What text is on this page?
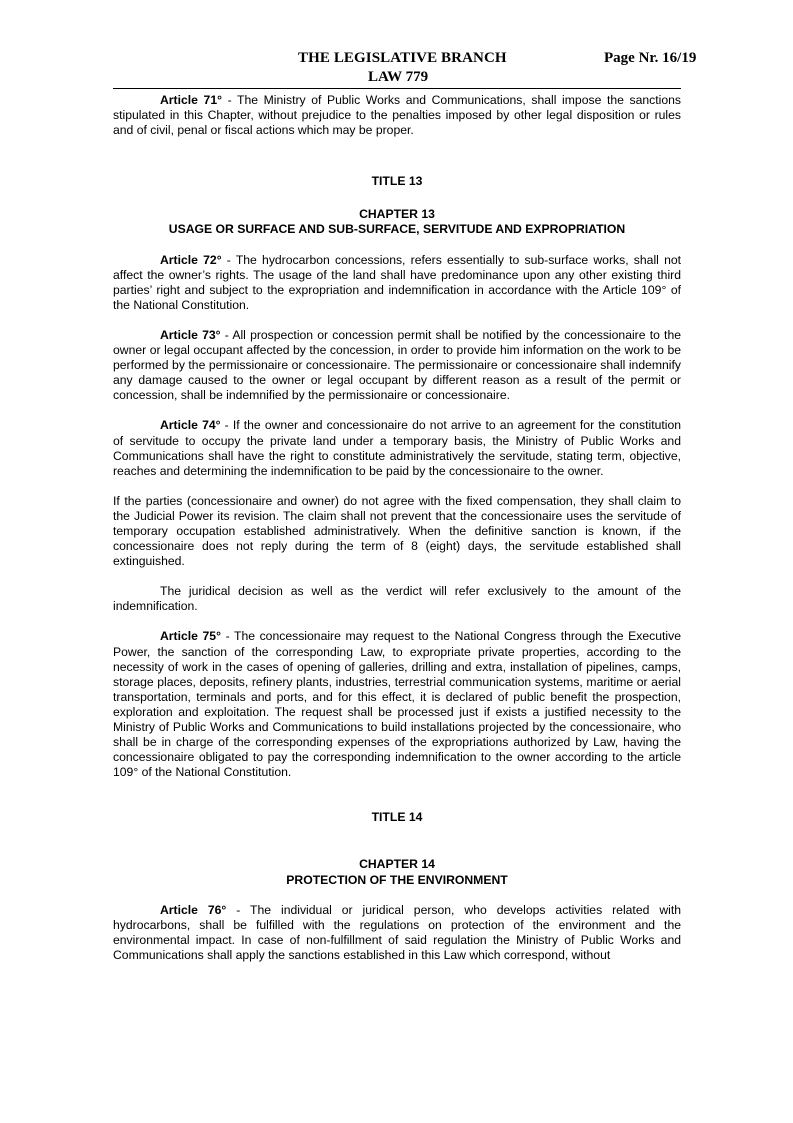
THE LEGISLATIVE BRANCH	Page Nr. 16/19
LAW 779

Article 71° - The Ministry of Public Works and Communications, shall impose the sanctions stipulated in this Chapter, without prejudice to the penalties imposed by other legal disposition or rules and of civil, penal or fiscal actions which may be proper.

TITLE 13

CHAPTER 13

USAGE OR SURFACE AND SUB-SURFACE, SERVITUDE AND EXPROPRIATION

Article 72° - The hydrocarbon concessions, refers essentially to sub-surface works, shall not affect the owner’s rights. The usage of the land shall have predominance upon any other existing third parties’ right and subject to the expropriation and indemnification in accordance with the Article 109° of the National Constitution.

Article 73° - All prospection or concession permit shall be notified by the concessionaire to the owner or legal occupant affected by the concession, in order to provide him information on the work to be performed by the permissionaire or concessionaire. The permissionaire or concessionaire shall indemnify any damage caused to the owner or legal occupant by different reason as a result of the permit or concession, shall be indemnified by the permissionaire or concessionaire.

Article 74° - If the owner and concessionaire do not arrive to an agreement for the constitution of servitude to occupy the private land under a temporary basis, the Ministry of Public Works and Communications shall have the right to constitute administratively the servitude, stating term, objective, reaches and determining the indemnification to be paid by the concessionaire to the owner.

If the parties (concessionaire and owner) do not agree with the fixed compensation, they shall claim to the Judicial Power its revision. The claim shall not prevent that the concessionaire uses the servitude of temporary occupation established administratively. When the definitive sanction is known, if the concessionaire does not reply during the term of 8 (eight) days, the servitude established shall extinguished.

The juridical decision as well as the verdict will refer exclusively to the amount of the indemnification.

Article 75° - The concessionaire may request to the National Congress through the Executive Power, the sanction of the corresponding Law, to expropriate private properties, according to the necessity of work in the cases of opening of galleries, drilling and extra, installation of pipelines, camps, storage places, deposits, refinery plants, industries, terrestrial communication systems, maritime or aerial transportation, terminals and ports, and for this effect, it is declared of public benefit the prospection, exploration and exploitation. The request shall be processed just if exists a justified necessity to the Ministry of Public Works and Communications to build installations projected by the concessionaire, who shall be in charge of the corresponding expenses of the expropriations authorized by Law, having the concessionaire obligated to pay the corresponding indemnification to the owner according to the article 109° of the National Constitution.

TITLE 14

CHAPTER 14

PROTECTION OF THE ENVIRONMENT

Article 76° - The individual or juridical person, who develops activities related with hydrocarbons, shall be fulfilled with the regulations on protection of the environment and the environmental impact. In case of non-fulfillment of said regulation the Ministry of Public Works and Communications shall apply the sanctions established in this Law which correspond, without
